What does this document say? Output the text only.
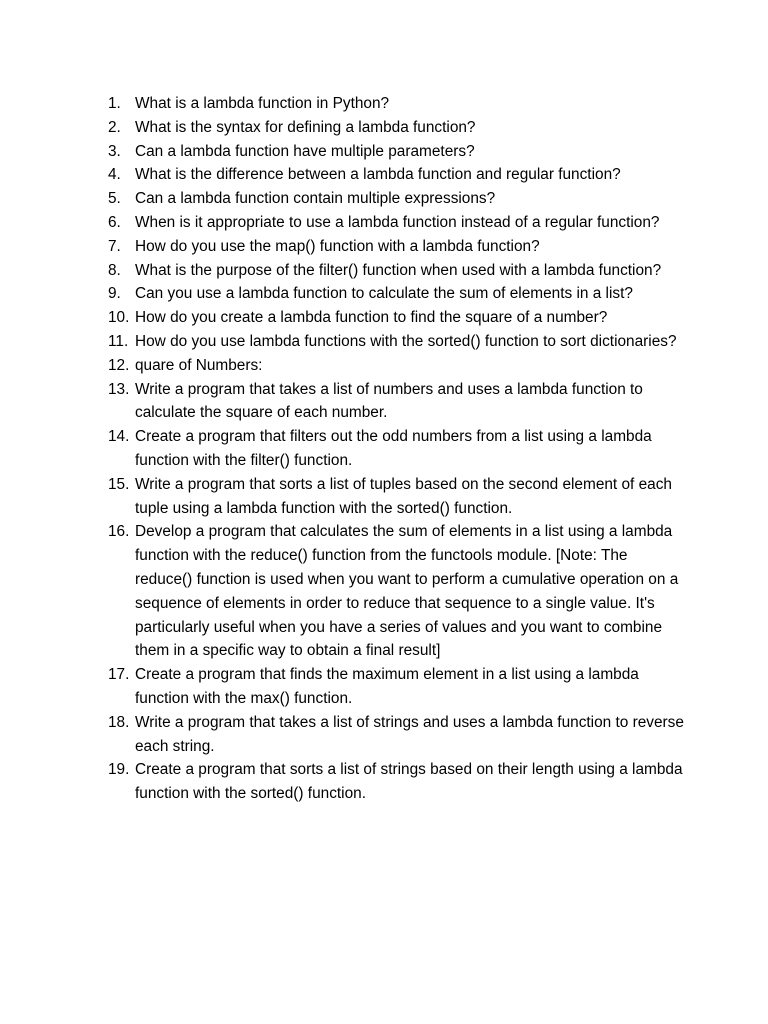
1. What is a lambda function in Python?
2. What is the syntax for defining a lambda function?
3. Can a lambda function have multiple parameters?
4. What is the difference between a lambda function and regular function?
5. Can a lambda function contain multiple expressions?
6. When is it appropriate to use a lambda function instead of a regular function?
7. How do you use the map() function with a lambda function?
8. What is the purpose of the filter() function when used with a lambda function?
9. Can you use a lambda function to calculate the sum of elements in a list?
10. How do you create a lambda function to find the square of a number?
11. How do you use lambda functions with the sorted() function to sort dictionaries?
12. quare of Numbers:
13. Write a program that takes a list of numbers and uses a lambda function to calculate the square of each number.
14. Create a program that filters out the odd numbers from a list using a lambda function with the filter() function.
15. Write a program that sorts a list of tuples based on the second element of each tuple using a lambda function with the sorted() function.
16. Develop a program that calculates the sum of elements in a list using a lambda function with the reduce() function from the functools module. [Note: The reduce() function is used when you want to perform a cumulative operation on a sequence of elements in order to reduce that sequence to a single value. It's particularly useful when you have a series of values and you want to combine them in a specific way to obtain a final result]
17. Create a program that finds the maximum element in a list using a lambda function with the max() function.
18. Write a program that takes a list of strings and uses a lambda function to reverse each string.
19. Create a program that sorts a list of strings based on their length using a lambda function with the sorted() function.
